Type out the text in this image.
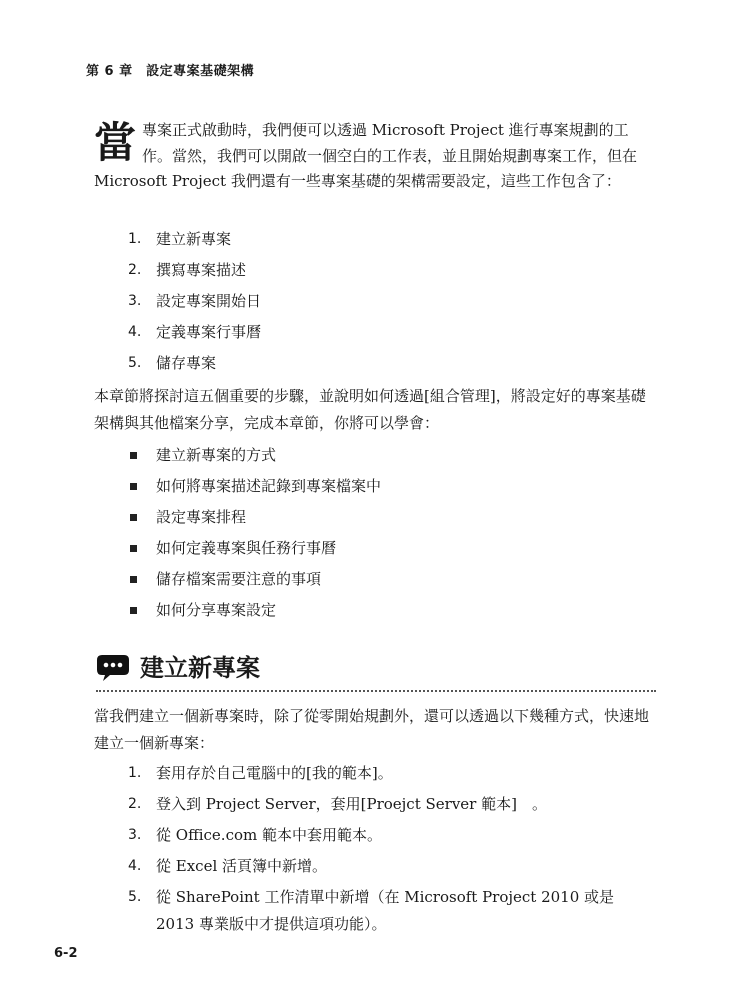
第 6 章　設定專案基礎架構
當 專案正式啟動時，我們便可以透過 Microsoft Project 進行專案規劃的工作。當然，我們可以開啟一個空白的工作表，並且開始規劃專案工作，但在 Microsoft Project 我們還有一些專案基礎的架構需要設定，這些工作包含了：
1. 建立新專案
2. 撰寫專案描述
3. 設定專案開始日
4. 定義專案行事曆
5. 儲存專案
本章節將探討這五個重要的步驟，並說明如何透過[組合管理]，將設定好的專案基礎架構與其他檔案分享，完成本章節，你將可以學會：
建立新專案的方式
如何將專案描述記錄到專案檔案中
設定專案排程
如何定義專案與任務行事曆
儲存檔案需要注意的事項
如何分享專案設定
建立新專案
當我們建立一個新專案時，除了從零開始規劃外，還可以透過以下幾種方式，快速地建立一個新專案：
1. 套用存於自己電腦中的[我的範本]。
2. 登入到 Project Server，套用[Proejct Server 範本]　。
3. 從 Office.com 範本中套用範本。
4. 從 Excel 活頁簿中新增。
5. 從 SharePoint 工作清單中新增（在 Microsoft Project 2010 或是 2013 專業版中才提供這項功能）。
6-2
